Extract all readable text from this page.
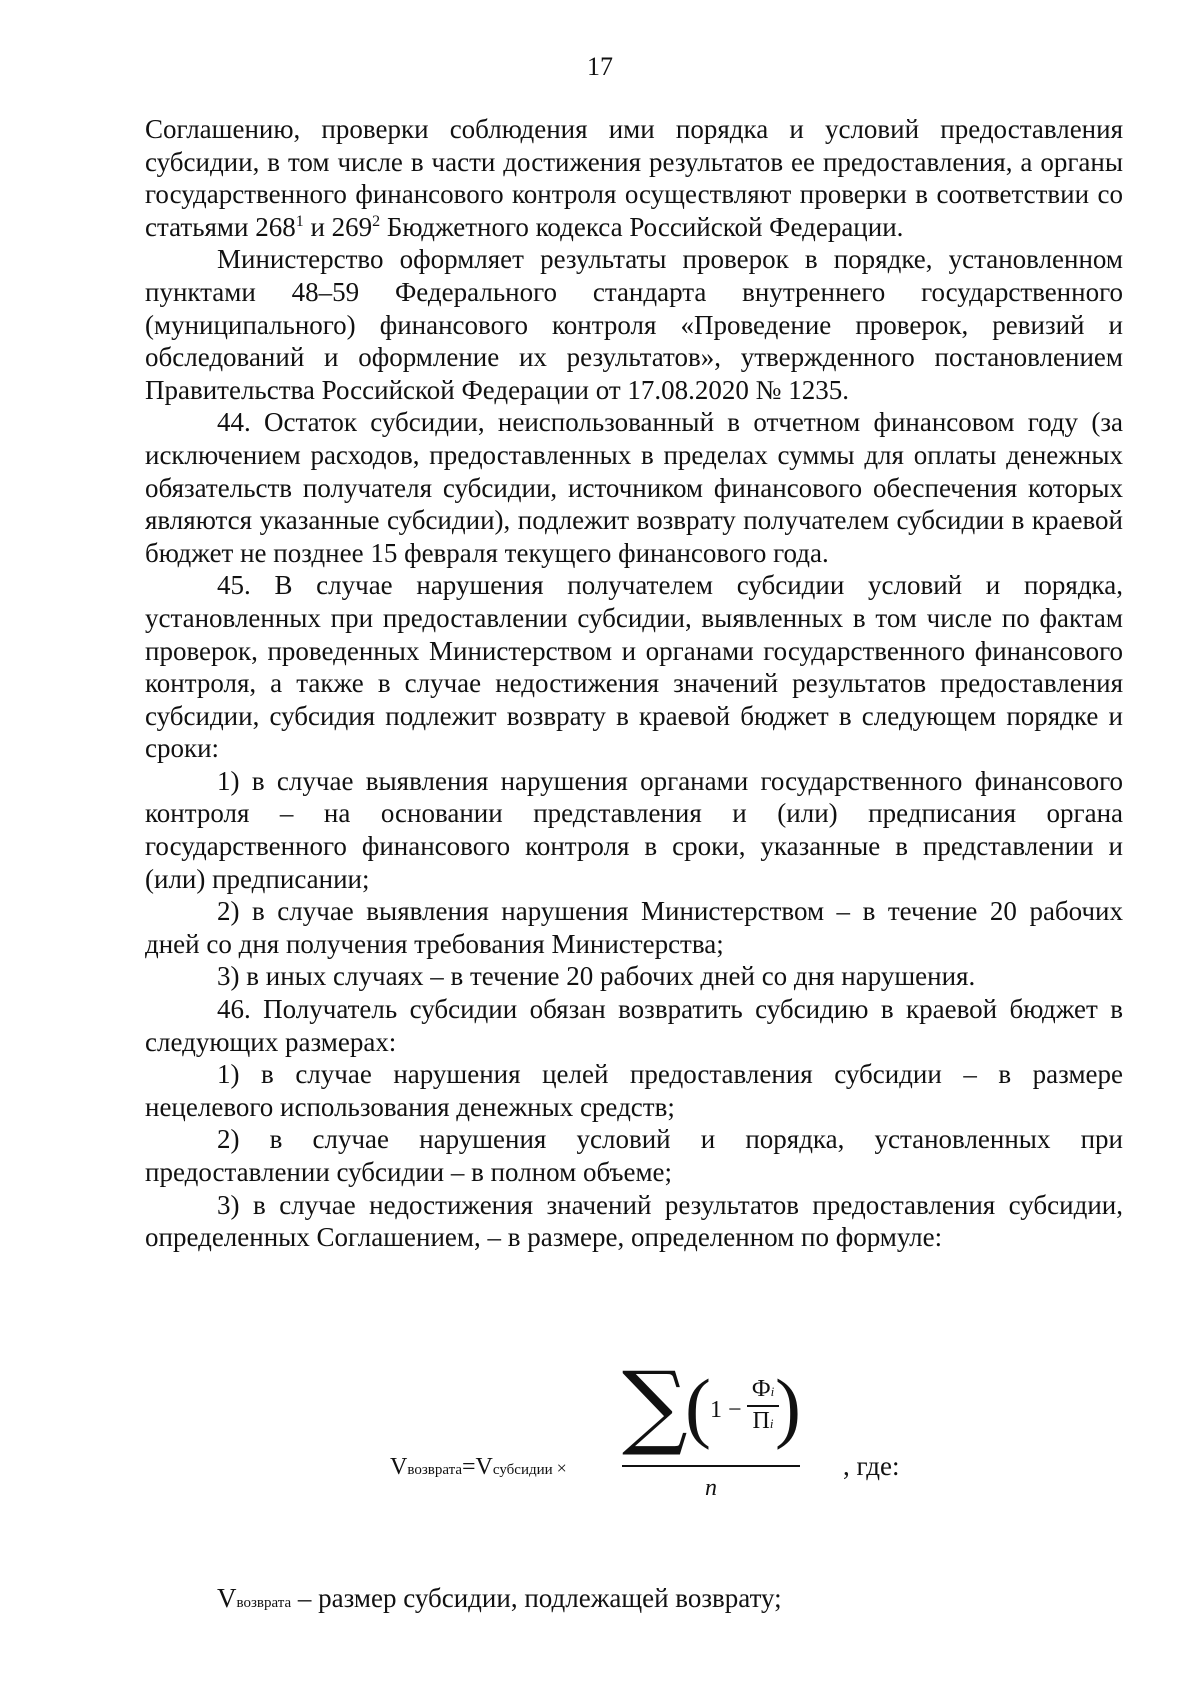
17

Соглашению, проверки соблюдения ими порядка и условий предоставления субсидии, в том числе в части достижения результатов ее предоставления, а органы государственного финансового контроля осуществляют проверки в соответствии со статьями $268^1$ и $269^2$ Бюджетного кодекса Российской Федерации.

Министерство оформляет результаты проверок в порядке, установленном пунктами 48–59 Федерального стандарта внутреннего государственного (муниципального) финансового контроля «Проведение проверок, ревизий и обследований и оформление их результатов», утвержденного постановлением Правительства Российской Федерации от 17.08.2020 № 1235.

44. Остаток субсидии, неиспользованный в отчетном финансовом году (за исключением расходов, предоставленных в пределах суммы для оплаты денежных обязательств получателя субсидии, источником финансового обеспечения которых являются указанные субсидии), подлежит возврату получателем субсидии в краевой бюджет не позднее 15 февраля текущего финансового года.

45. В случае нарушения получателем субсидии условий и порядка, установленных при предоставлении субсидии, выявленных в том числе по фактам проверок, проведенных Министерством и органами государственного финансового контроля, а также в случае недостижения значений результатов предоставления субсидии, субсидия подлежит возврату в краевой бюджет в следующем порядке и сроки:

1) в случае выявления нарушения органами государственного финансового контроля – на основании представления и (или) предписания органа государственного финансового контроля в сроки, указанные в представлении и (или) предписании;

2) в случае выявления нарушения Министерством – в течение 20 рабочих дней со дня получения требования Министерства;

3) в иных случаях – в течение 20 рабочих дней со дня нарушения.

46. Получатель субсидии обязан возвратить субсидию в краевой бюджет в следующих размерах:

1) в случае нарушения целей предоставления субсидии – в размере нецелевого использования денежных средств;

2) в случае нарушения условий и порядка, установленных при предоставлении субсидии – в полном объеме;

3) в случае недостижения значений результатов предоставления субсидии, определенных Соглашением, – в размере, определенном по формуле:

Vвозврата=Vсубсидии ×
∑
( 1 −
Фi
Пi )
n
, где:
Vвозврата – размер субсидии, подлежащей возврату;
